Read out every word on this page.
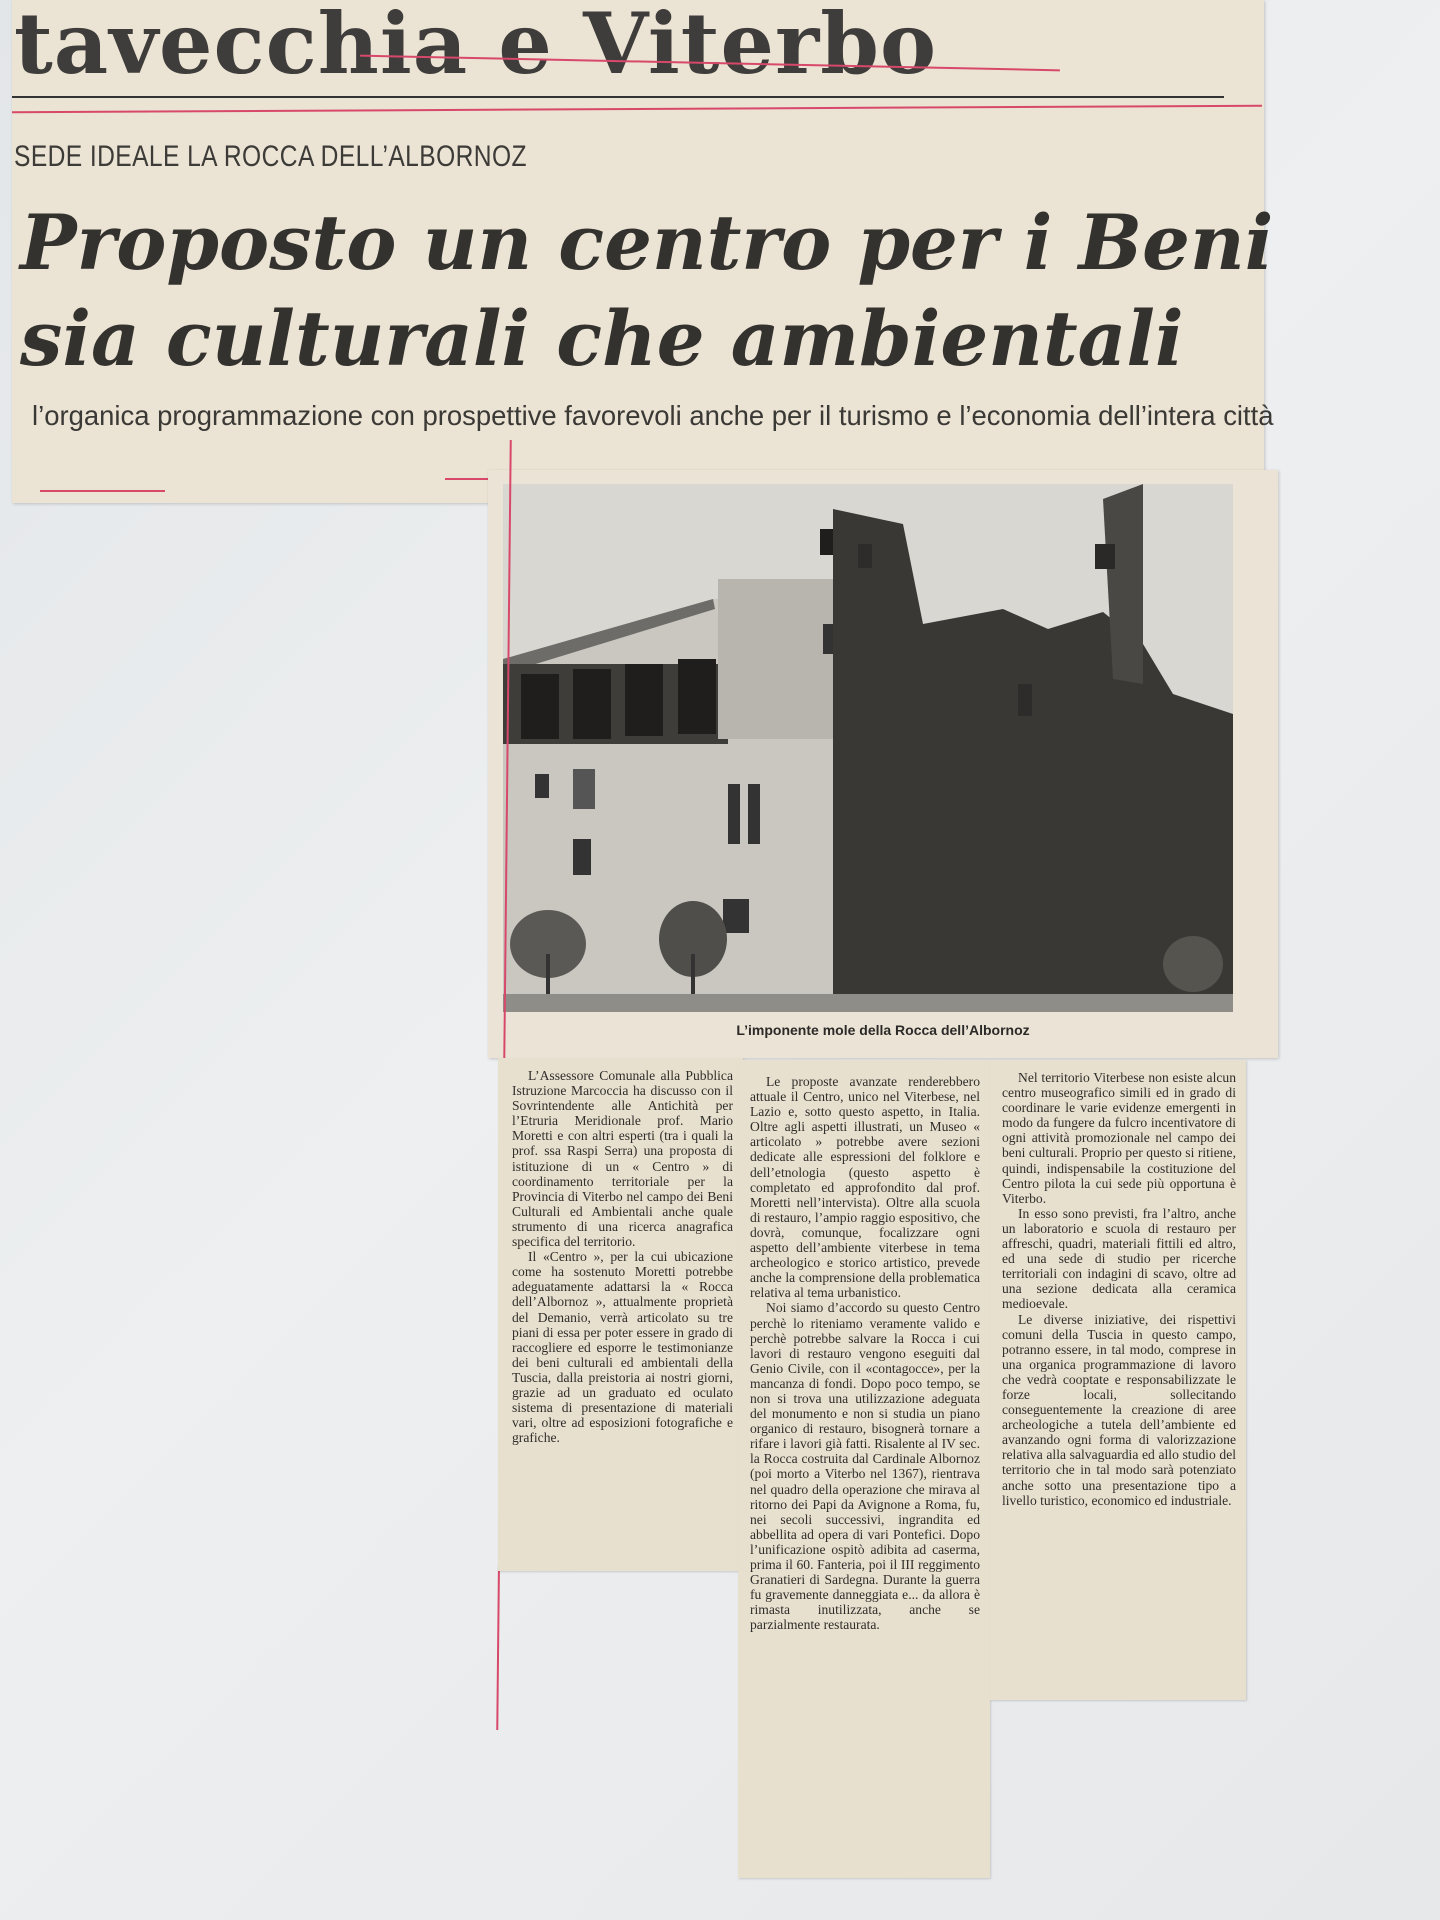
tavecchia e Viterbo
SEDE IDEALE LA ROCCA DELL’ALBORNOZ
Proposto un centro per i Beni
sia culturali che ambientali
l’organica programmazione con prospettive favorevoli anche per il turismo e l’economia dell’intera città
L’imponente mole della Rocca dell’Albornoz

L’Assessore Comunale alla Pubblica Istruzione Marcoccia ha discusso con il Sovrintendente alle Antichità per l’Etruria Meridionale prof. Mario Moretti e con altri esperti (tra i quali la prof. ssa Raspi Serra) una proposta di istituzione di un « Centro » di coordinamento territoriale per la Provincia di Viterbo nel campo dei Beni Culturali ed Ambientali anche quale strumento di una ricerca anagrafica specifica del territorio.

Il «Centro », per la cui ubicazione come ha sostenuto Moretti potrebbe adeguatamente adattarsi la « Rocca dell’Albornoz », attualmente proprietà del Demanio, verrà articolato su tre piani di essa per poter essere in grado di raccogliere ed esporre le testimonianze dei beni culturali ed ambientali della Tuscia, dalla preistoria ai nostri giorni, grazie ad un graduato ed oculato sistema di presentazione di materiali vari, oltre ad esposizioni fotografiche e grafiche.

Le proposte avanzate renderebbero attuale il Centro, unico nel Viterbese, nel Lazio e, sotto questo aspetto, in Italia. Oltre agli aspetti illustrati, un Museo « articolato » potrebbe avere sezioni dedicate alle espressioni del folklore e dell’etnologia (questo aspetto è completato ed approfondito dal prof. Moretti nell’intervista). Oltre alla scuola di restauro, l’ampio raggio espositivo, che dovrà, comunque, focalizzare ogni aspetto dell’ambiente viterbese in tema archeologico e storico artistico, prevede anche la comprensione della problematica relativa al tema urbanistico.

Noi siamo d’accordo su questo Centro perchè lo riteniamo veramente valido e perchè potrebbe salvare la Rocca i cui lavori di restauro vengono eseguiti dal Genio Civile, con il «contagocce», per la mancanza di fondi. Dopo poco tempo, se non si trova una utilizzazione adeguata del monumento e non si studia un piano organico di restauro, bisognerà tornare a rifare i lavori già fatti. Risalente al IV sec. la Rocca costruita dal Cardinale Albornoz (poi morto a Viterbo nel 1367), rientrava nel quadro della operazione che mirava al ritorno dei Papi da Avignone a Roma, fu, nei secoli successivi, ingrandita ed abbellita ad opera di vari Pontefici. Dopo l’unificazione ospitò adibita ad caserma, prima il 60. Fanteria, poi il III reggimento Granatieri di Sardegna. Durante la guerra fu gravemente danneggiata e... da allora è rimasta inutilizzata, anche se parzialmente restaurata.

Nel territorio Viterbese non esiste alcun centro museografico simili ed in grado di coordinare le varie evidenze emergenti in modo da fungere da fulcro incentivatore di ogni attività promozionale nel campo dei beni culturali. Proprio per questo si ritiene, quindi, indispensabile la costituzione del Centro pilota la cui sede più opportuna è Viterbo.

In esso sono previsti, fra l’altro, anche un laboratorio e scuola di restauro per affreschi, quadri, materiali fittili ed altro, ed una sede di studio per ricerche territoriali con indagini di scavo, oltre ad una sezione dedicata alla ceramica medioevale.

Le diverse iniziative, dei rispettivi comuni della Tuscia in questo campo, potranno essere, in tal modo, comprese in una organica programmazione di lavoro che vedrà cooptate e responsabilizzate le forze locali, sollecitando conseguentemente la creazione di aree archeologiche a tutela dell’ambiente ed avanzando ogni forma di valorizzazione relativa alla salvaguardia ed allo studio del territorio che in tal modo sarà potenziato anche sotto una presentazione tipo a livello turistico, economico ed industriale.
